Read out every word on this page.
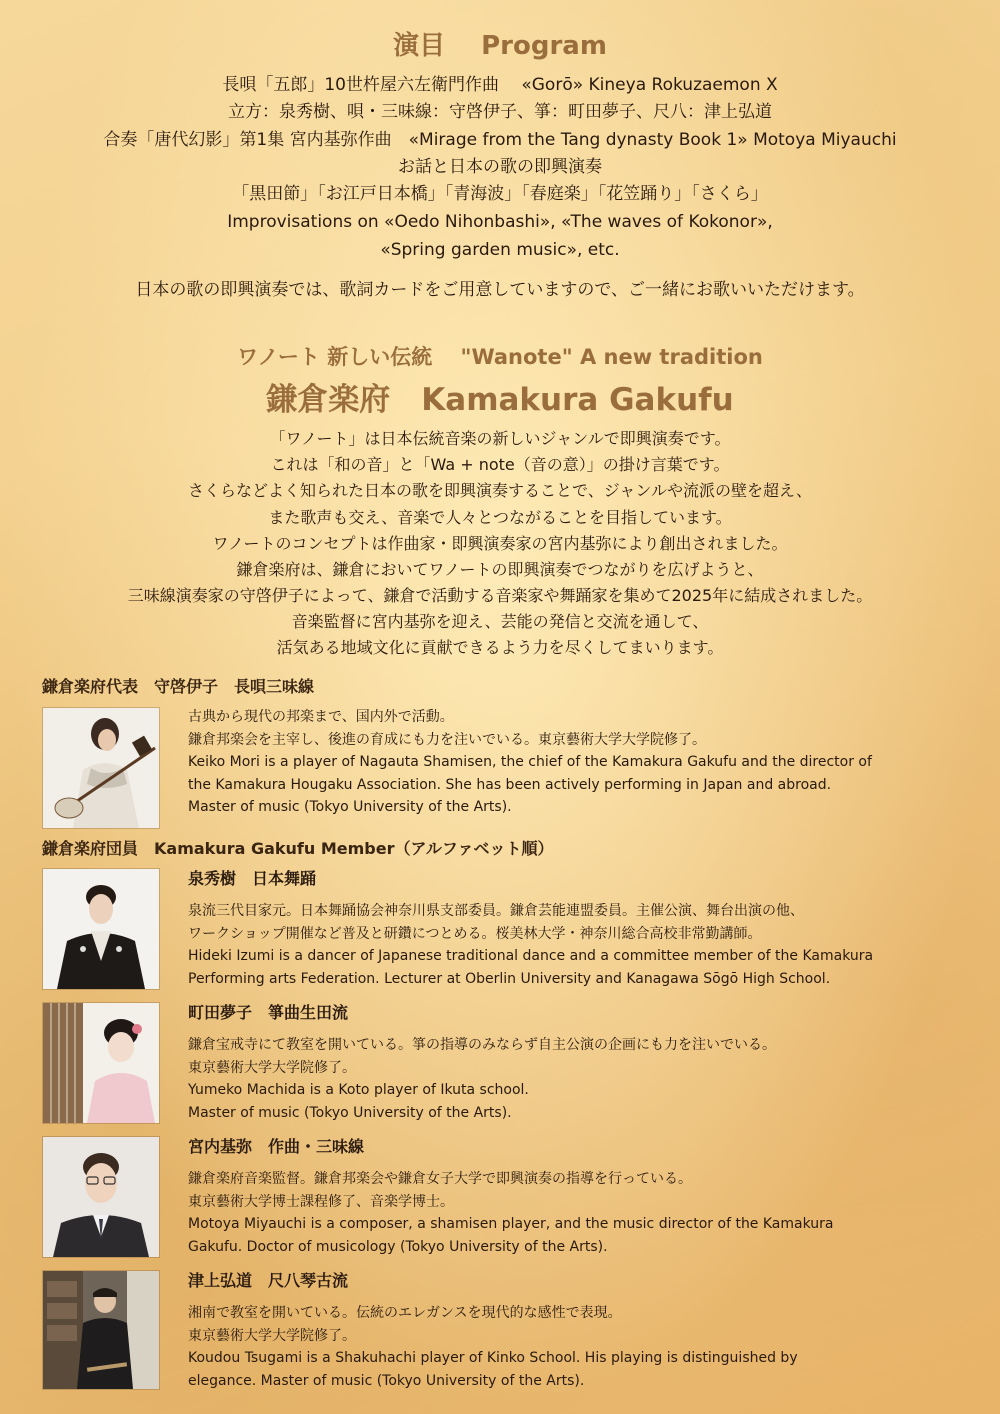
演目 Program
長唄「五郎」10世杵屋六左衛門作曲　 «Gorō» Kineya Rokuzaemon X
立方：泉秀樹、唄・三味線：守啓伊子、箏：町田夢子、尺八：津上弘道
合奏「唐代幻影」第1集 宮内基弥作曲　«Mirage from the Tang dynasty Book 1» Motoya Miyauchi
お話と日本の歌の即興演奏
「黒田節」「お江戸日本橋」「青海波」「春庭楽」「花笠踊り」「さくら」
Improvisations on «Oedo Nihonbashi», «The waves of Kokonor»,
«Spring garden music», etc.
日本の歌の即興演奏では、歌詞カードをご用意していますので、ご一緒にお歌いいただけます。
ワノート 新しい伝統　 "Wanote" A new tradition
鎌倉楽府　Kamakura Gakufu
「ワノート」は日本伝統音楽の新しいジャンルで即興演奏です。
これは「和の音」と「Wa + note（音の意）」の掛け言葉です。
さくらなどよく知られた日本の歌を即興演奏することで、ジャンルや流派の壁を超え、
また歌声も交え、音楽で人々とつながることを目指しています。
ワノートのコンセプトは作曲家・即興演奏家の宮内基弥により創出されました。
鎌倉楽府は、鎌倉においてワノートの即興演奏でつながりを広げようと、
三味線演奏家の守啓伊子によって、鎌倉で活動する音楽家や舞踊家を集めて2025年に結成されました。
音楽監督に宮内基弥を迎え、芸能の発信と交流を通して、
活気ある地域文化に貢献できるよう力を尽くしてまいります。
鎌倉楽府代表　守啓伊子　長唄三味線
古典から現代の邦楽まで、国内外で活動。
鎌倉邦楽会を主宰し、後進の育成にも力を注いでいる。東京藝術大学大学院修了。
Keiko Mori is a player of Nagauta Shamisen, the chief of the Kamakura Gakufu and the director of
the Kamakura Hougaku Association. She has been actively performing in Japan and abroad.
Master of music (Tokyo University of the Arts).
鎌倉楽府団員　Kamakura Gakufu Member（アルファベット順）
泉秀樹　日本舞踊
泉流三代目家元。日本舞踊協会神奈川県支部委員。鎌倉芸能連盟委員。主催公演、舞台出演の他、
ワークショップ開催など普及と研鑽につとめる。桜美林大学・神奈川総合高校非常勤講師。
Hideki Izumi is a dancer of Japanese traditional dance and a committee member of the Kamakura
Performing arts Federation. Lecturer at Oberlin University and Kanagawa Sōgō High School.
町田夢子　箏曲生田流
鎌倉宝戒寺にて教室を開いている。箏の指導のみならず自主公演の企画にも力を注いでいる。
東京藝術大学大学院修了。
Yumeko Machida is a Koto player of Ikuta school.
Master of music (Tokyo University of the Arts).
宮内基弥　作曲・三味線
鎌倉楽府音楽監督。鎌倉邦楽会や鎌倉女子大学で即興演奏の指導を行っている。
東京藝術大学博士課程修了、音楽学博士。
Motoya Miyauchi is a composer, a shamisen player, and the music director of the Kamakura
Gakufu. Doctor of musicology (Tokyo University of the Arts).
津上弘道　尺八琴古流
湘南で教室を開いている。伝統のエレガンスを現代的な感性で表現。
東京藝術大学大学院修了。
Koudou Tsugami is a Shakuhachi player of Kinko School. His playing is distinguished by
elegance. Master of music (Tokyo University of the Arts).
